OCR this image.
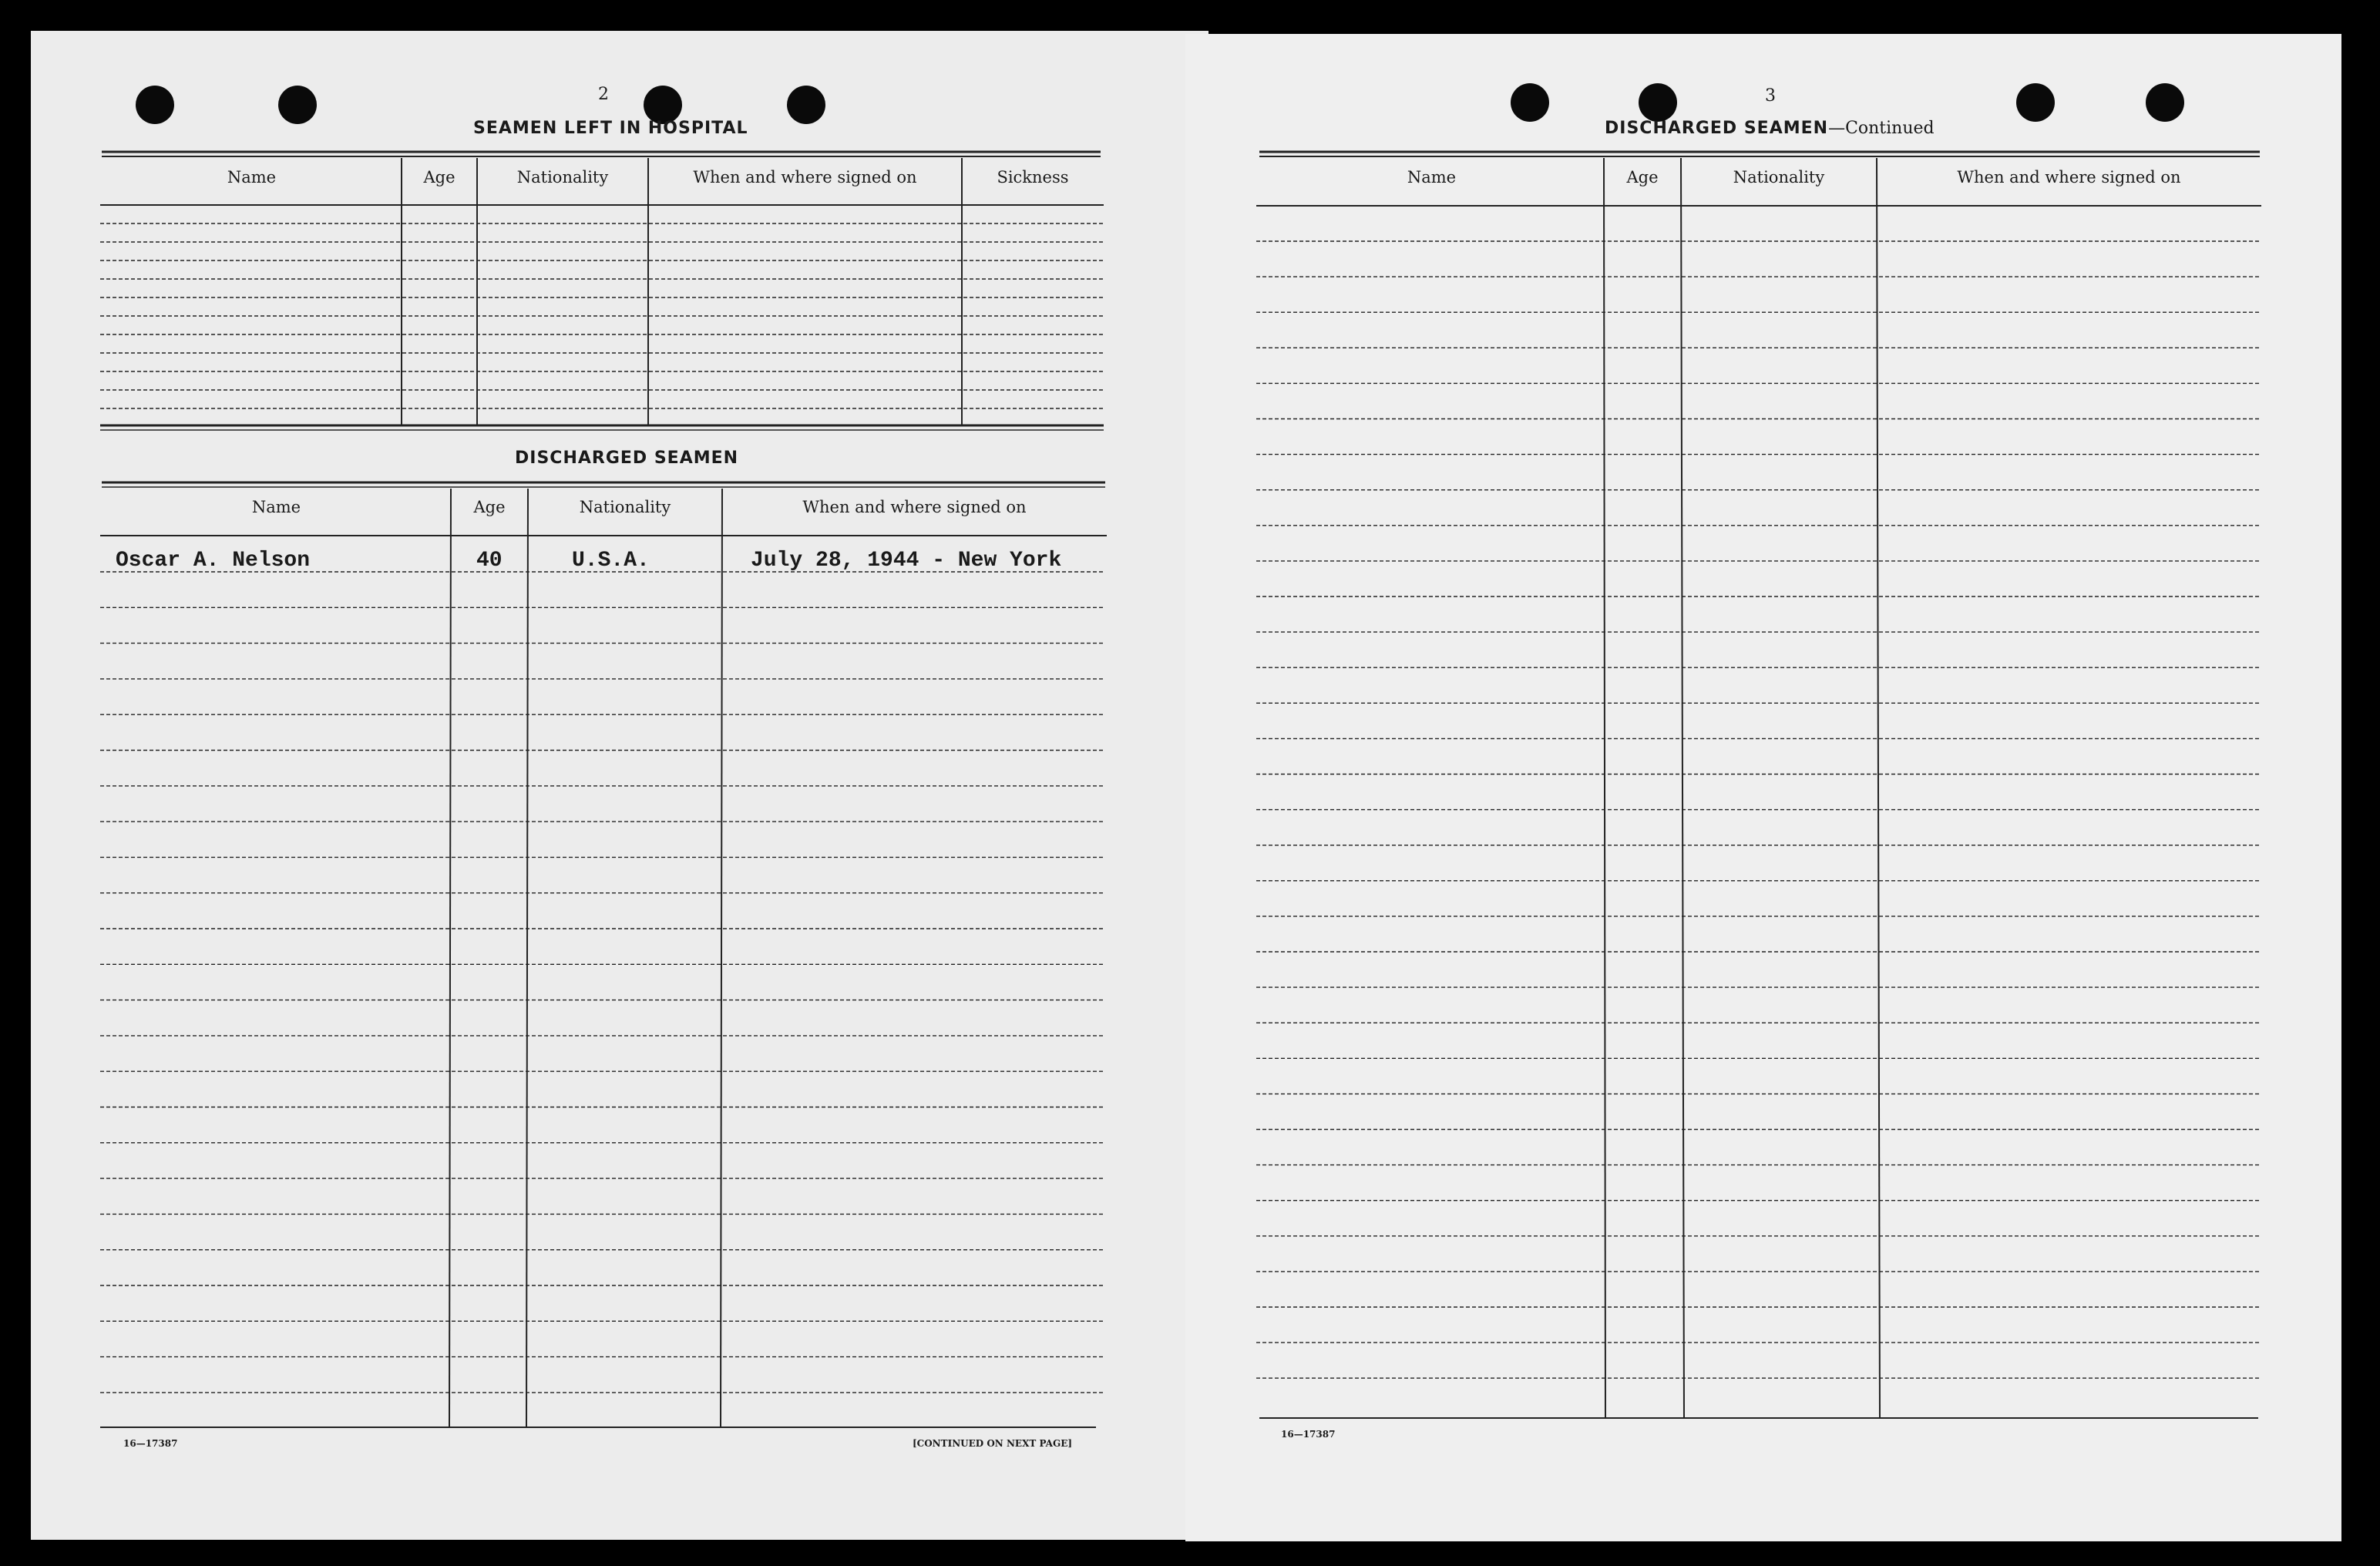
2
SEAMEN LEFT IN HOSPITAL
Name	Age	Nationality	When and where signed on	Sickness
DISCHARGED SEAMEN
Name	Age	Nationality	When and where signed on
Oscar A. Nelson	40	U.S.A.	July 28, 1944 - New York
16—17387	[CONTINUED ON NEXT PAGE]
3
DISCHARGED SEAMEN—Continued
Name	Age	Nationality	When and where signed on
16—17387
